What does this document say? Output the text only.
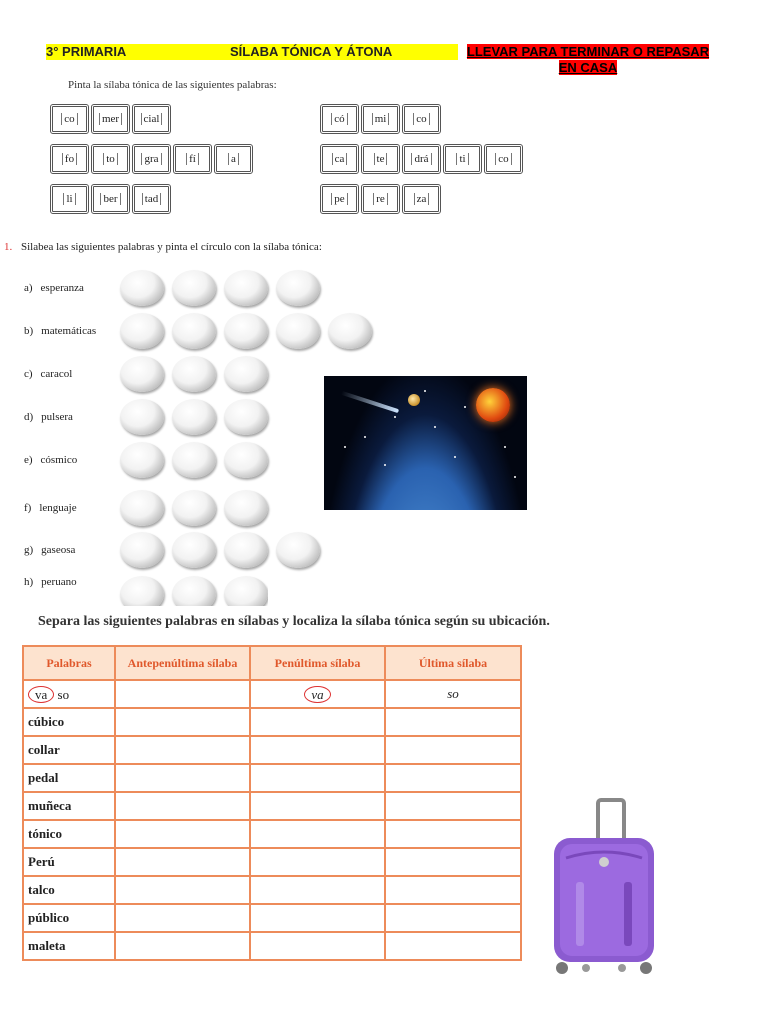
3° PRIMARIA	SÍLABA TÓNICA Y ÁTONA	LLEVAR PARA TERMINAR O REPASAR EN CASA
Pinta la sílaba tónica de las siguientes palabras:
co mer cial
fo	to	gra	fí	a
li	ber tad
có	mi	co
ca	te	drá	ti	co
pe	re	za
1. Silabea las siguientes palabras y pinta el círculo con la sílaba tónica:
a) esperanza
b) matemáticas
c) caracol
d) pulsera
e) cósmico
f) lenguaje
g) gaseosa
h) peruano
Separa las siguientes palabras en sílabas y localiza la sílaba tónica según su ubicación.
Palabras	Antepenúltima sílaba	Penúltima sílaba	Última sílaba
va so		va	so
cúbico			
collar			
pedal			
muñeca			
tónico			
Perú			
talco			
público			
maleta			
